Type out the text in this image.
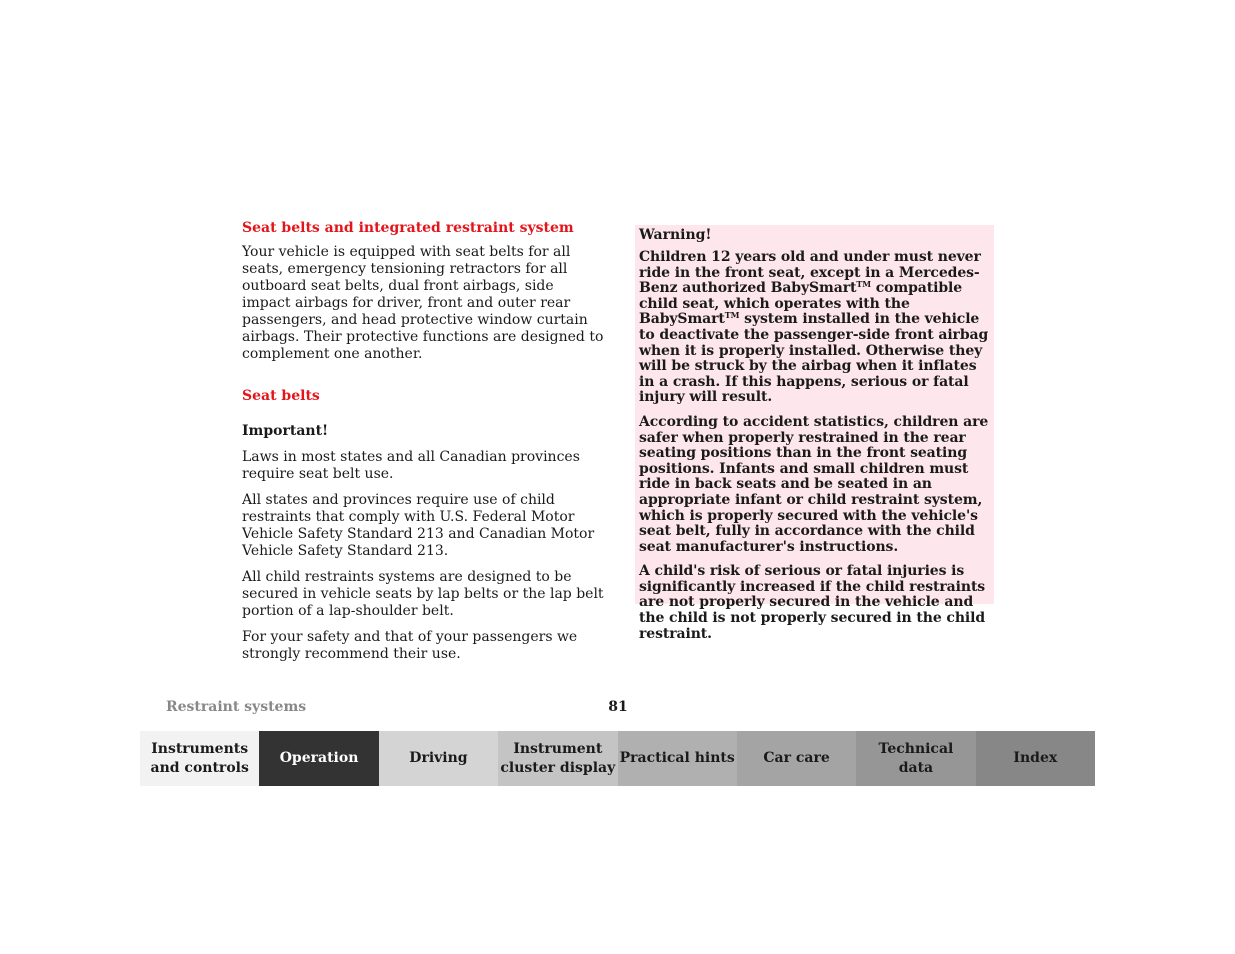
Seat belts and integrated restraint system

Your vehicle is equipped with seat belts for all seats, emergency tensioning retractors for all outboard seat belts, dual front airbags, side impact airbags for driver, front and outer rear passengers, and head protective window curtain airbags. Their protective functions are designed to complement one another.

Seat belts

Important!

Laws in most states and all Canadian provinces require seat belt use.

All states and provinces require use of child restraints that comply with U.S. Federal Motor Vehicle Safety Standard 213 and Canadian Motor Vehicle Safety Standard 213.

All child restraints systems are designed to be secured in vehicle seats by lap belts or the lap belt portion of a lap-shoulder belt.

For your safety and that of your passengers we strongly recommend their use.

Warning!

Children 12 years old and under must never ride in the front seat, except in a Mercedes-Benz authorized BabySmart™ compatible child seat, which operates with the BabySmart™ system installed in the vehicle to deactivate the passenger-side front airbag when it is properly installed. Otherwise they will be struck by the airbag when it inflates in a crash. If this happens, serious or fatal injury will result.

According to accident statistics, children are safer when properly restrained in the rear seating positions than in the front seating positions. Infants and small children must ride in back seats and be seated in an appropriate infant or child restraint system, which is properly secured with the vehicle's seat belt, fully in accordance with the child seat manufacturer's instructions.

A child's risk of serious or fatal injuries is significantly increased if the child restraints are not properly secured in the vehicle and the child is not properly secured in the child restraint.

Restraint systems	81
Instruments
and controls
Operation	Driving
Instrument
cluster display
Practical hints	Car care
Technical
data
Index
